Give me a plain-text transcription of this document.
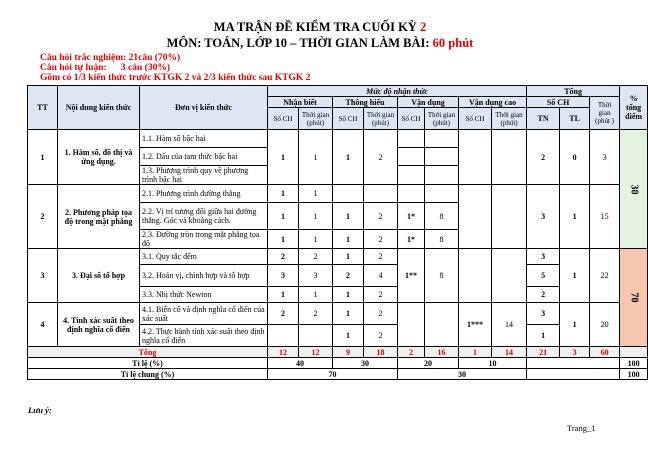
MA TRẬN ĐỀ KIỂM TRA CUỐI KỲ 2
MÔN: TOÁN, LỚP 10 – THỜI GIAN LÀM BÀI: 60 phút
Câu hỏi trắc nghiệm: 21câu (70%)
Câu hỏi tự luận:      3 câu (30%)
Gồm có 1/3 kiến thức trước KTGK 2 và 2/3 kiến thức sau KTGK 2
TT	Nội dung kiến thức	Đơn vị kiến thức	Mức độ nhận thức								Tổng			% tổng điểm
			Nhận biết		Thông hiểu		Vận dụng		Vận dụng cao		Số CH		Thời gian (phút )	
			Số CH	Thời gian (phút)	Số CH	Thời gian (phút)	Số CH	Thời gian (phút)	Số CH	Thời gian (phút)	TN	TL		
1	1. Hàm số, đồ thị và ứng dụng.	1.1. Hàm số bậc hai	1	1	1	2					2	0	3	30
		1.2. Dấu của tam thức bậc hai												
		1.3. Phương trình quy về phương trình bậc hai												
2	2. Phương pháp tọa độ trong mặt phẳng	2.1. Phương trình đường thẳng	1	1							3	1	15	
		2.2. Vị trí tương đối giữa hai đường thẳng. Góc và khoảng cách.	1	1	1	2	1*	8						
		2.3. Đường tròn trong mặt phẳng tọa độ	1	1	1	2	1*	8						
3	3. Đại số tổ hợp	3.1. Quy tắc đếm	2	2	1	2	1**	8			3	1	22	70
		3.2. Hoán vị, chỉnh hợp và tổ hợp	3	3	2	4					5			
		3.3. Nhị thức Newton	1	1	1	2					2			
4	4. Tính xác suất theo định nghĩa cổ điển	4.1. Biến cố và định nghĩa cổ điển của xác suất	2	2	1	2			1***	14	3	1	20	
		4.2. Thực hành tính xác suất theo định nghĩa cổ điển			1	2					1			
Tổng			12	12	9	18	2	16	1	14	21	3	60	
Tỉ lệ (%)			40		30		20		10					100
Tỉ lệ chung (%)			70				30							100
Lưu ý:
Trang_1
